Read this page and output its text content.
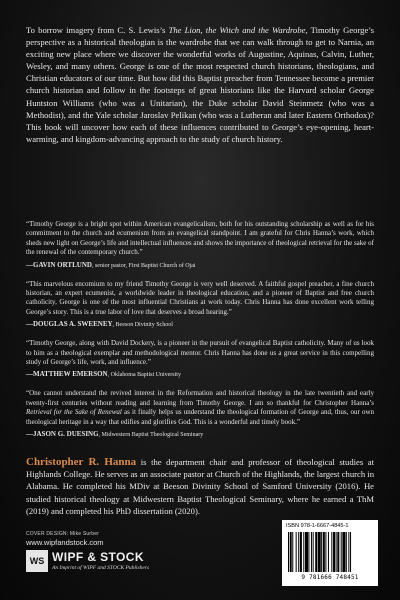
To borrow imagery from C. S. Lewis’s The Lion, the Witch and the Wardrobe, Timothy George’s perspective as a historical theologian is the wardrobe that we can walk through to get to Narnia, an exciting new place where we discover the wonderful works of Augustine, Aquinas, Calvin, Luther, Wesley, and many others. George is one of the most respected church historians, theologians, and Christian educators of our time. But how did this Baptist preacher from Tennessee become a premier church historian and follow in the footsteps of great historians like the Harvard scholar George Huntston Williams (who was a Unitarian), the Duke scholar David Steinmetz (who was a Methodist), and the Yale scholar Jaroslav Pelikan (who was a Lutheran and later Eastern Orthodox)? This book will uncover how each of these influences contributed to George’s eye-opening, heart-warming, and kingdom-advancing approach to the study of church history.

“Timothy George is a bright spot within American evangelicalism, both for his outstanding scholarship as well as for his commitment to the church and ecumenism from an evangelical standpoint. I am grateful for Chris Hanna’s work, which sheds new light on George’s life and intellectual influences and shows the importance of theological retrieval for the sake of the renewal of the contemporary church.”

—GAVIN ORTLUND, senior pastor, First Baptist Church of Ojai

“This marvelous encomium to my friend Timothy George is very well deserved. A faithful gospel preacher, a fine church historian, an expert ecumenist, a worldwide leader in theological education, and a pioneer of Baptist and free church catholicity, George is one of the most influential Christians at work today. Chris Hanna has done excellent work telling George’s story. This is a true labor of love that deserves a broad hearing.”

—DOUGLAS A. SWEENEY, Beeson Divinity School

“Timothy George, along with David Dockery, is a pioneer in the pursuit of evangelical Baptist catholicity. Many of us look to him as a theological exemplar and methodological mentor. Chris Hanna has done us a great service in this compelling study of George’s life, work, and influence.”

—MATTHEW EMERSON, Oklahoma Baptist University

“One cannot understand the revived interest in the Reformation and historical theology in the late twentieth and early twenty-first centuries without reading and learning from Timothy George. I am so thankful for Christopher Hanna’s Retrieval for the Sake of Renewal as it finally helps us understand the theological formation of George and, thus, our own theological heritage in a way that edifies and glorifies God. This is a wonderful and timely book.”

—JASON G. DUESING, Midwestern Baptist Theological Seminary

Christopher R. Hanna is the department chair and professor of theological studies at Highlands College. He serves as an associate pastor at Church of the Highlands, the largest church in Alabama. He completed his MDiv at Beeson Divinity School of Samford University (2016). He studied historical theology at Midwestern Baptist Theological Seminary, where he earned a ThM (2019) and completed his PhD dissertation (2020).

COVER DESIGN: Mike Surber
www.wipfandstock.com
WS WIPF & STOCK
An Imprint of WIPF and STOCK Publishers
ISBN 978-1-6667-4845-1
9 781666 748451
